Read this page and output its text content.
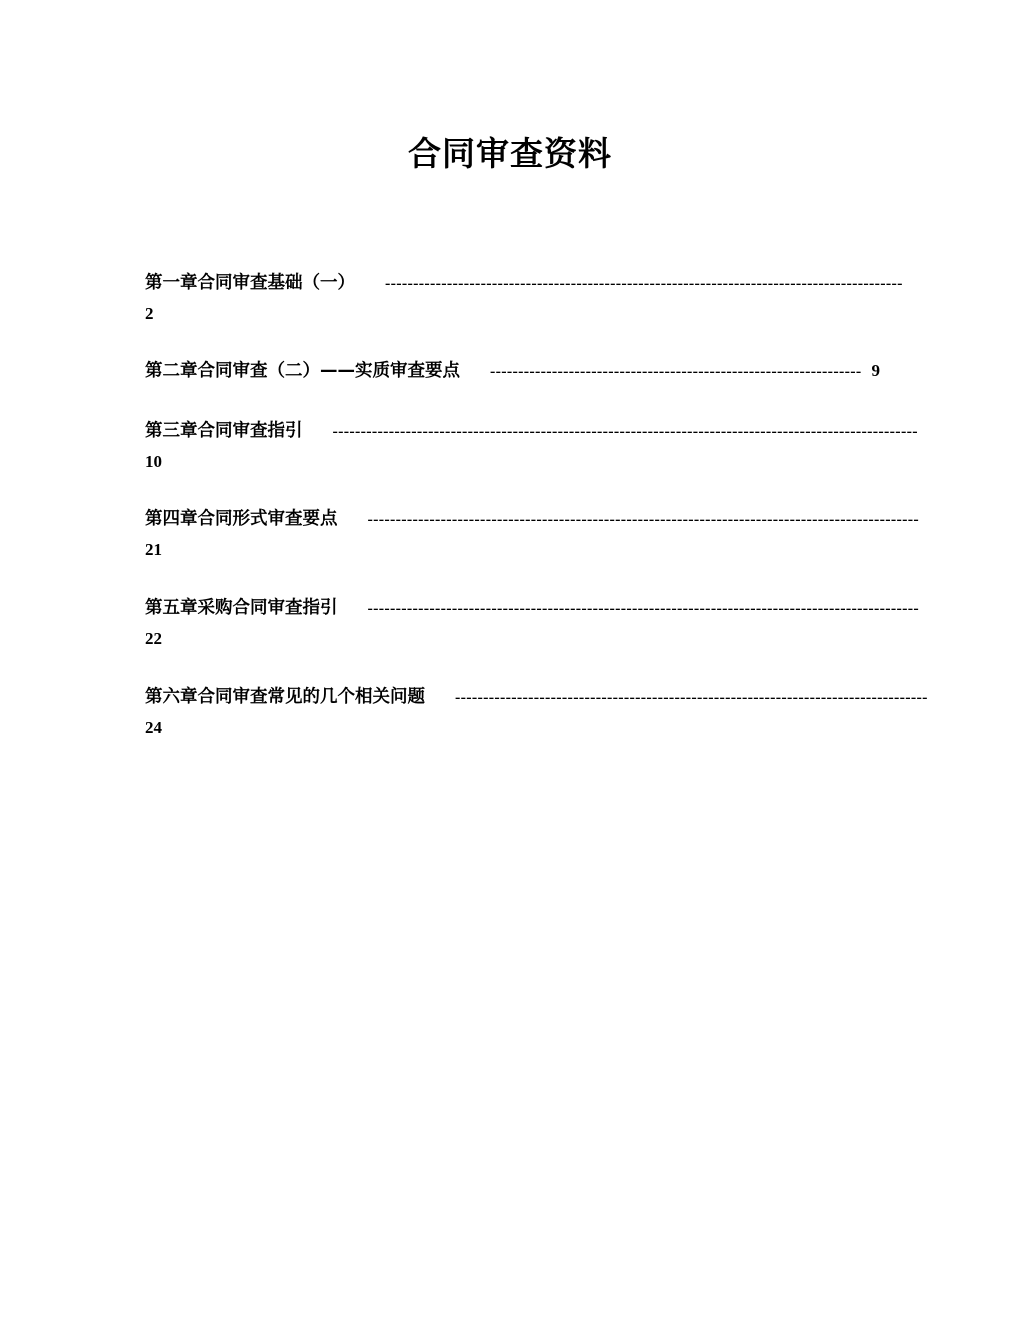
合同审查资料
第一章 合同审查基础（一）	--------------------------------------------------------------------------------------------
2
第二章 合同审查（二）——实质审查要点	------------------------------------------------------------------ 9
第三章 合同审查指引	--------------------------------------------------------------------------------------------------------
10
第四章 合同形式审查要点	--------------------------------------------------------------------------------------------------
21
第五章 采购合同审查指引	--------------------------------------------------------------------------------------------------
22
第六章 合同审查常见的几个相关问题	------------------------------------------------------------------------------------
24
